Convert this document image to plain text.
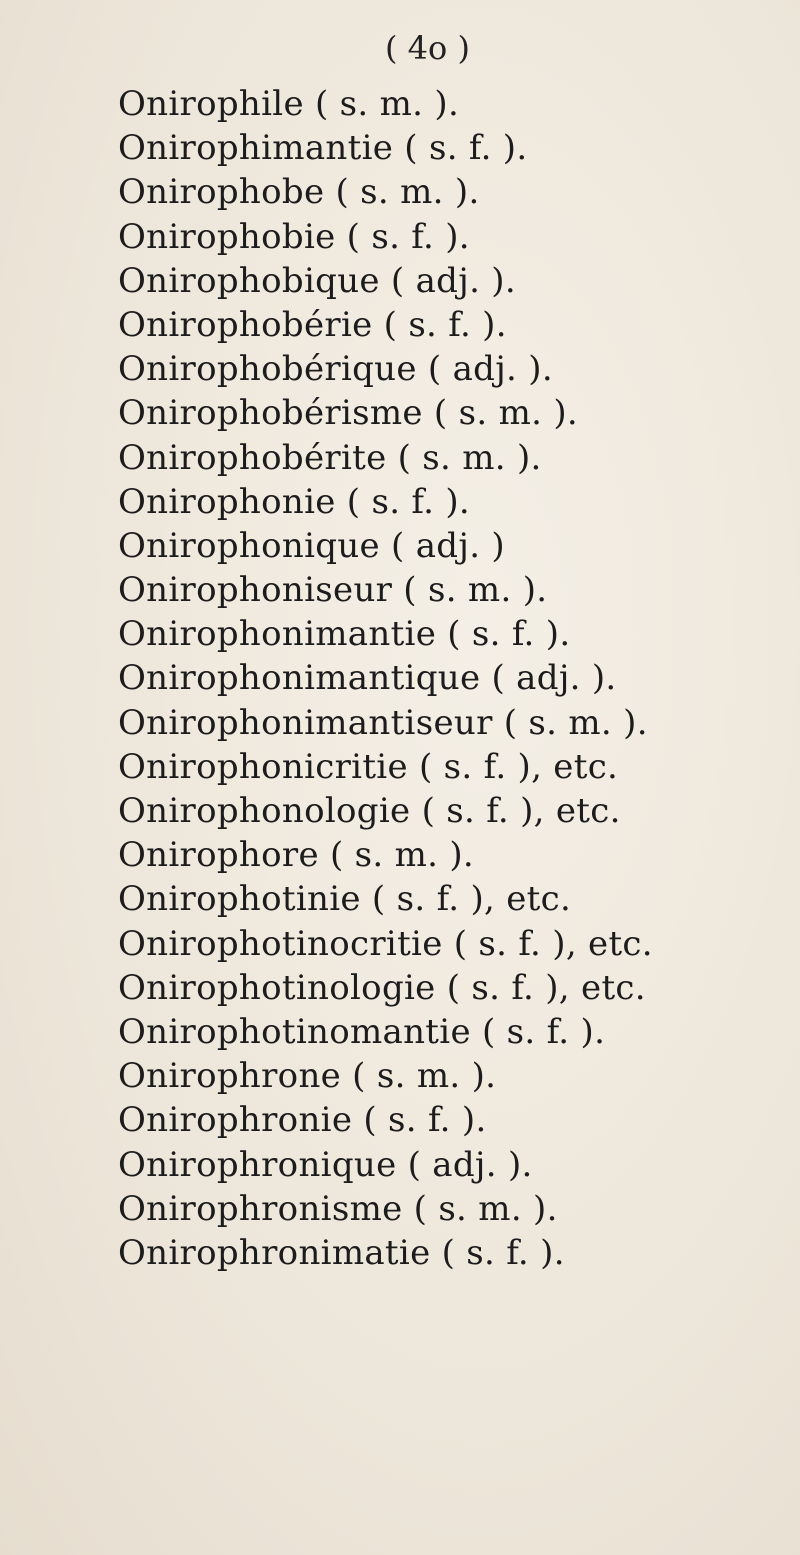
( 4o )
Onirophile ( s. m. ).
Onirophimantie ( s. f. ).
Onirophobe ( s. m. ).
Onirophobie ( s. f. ).
Onirophobique ( adj. ).
Onirophobérie ( s. f. ).
Onirophobérique ( adj. ).
Onirophobérisme ( s. m. ).
Onirophobérite ( s. m. ).
Onirophonie ( s. f. ).
Onirophonique ( adj. )
Onirophoniseur ( s. m. ).
Onirophonimantie ( s. f. ).
Onirophonimantique ( adj. ).
Onirophonimantiseur ( s. m. ).
Onirophonicritie ( s. f. ), etc.
Onirophonologie ( s. f. ), etc.
Onirophore ( s. m. ).
Onirophotinie ( s. f. ), etc.
Onirophotinocritie ( s. f. ), etc.
Onirophotinologie ( s. f. ), etc.
Onirophotinomantie ( s. f. ).
Onirophrone ( s. m. ).
Onirophronie ( s. f. ).
Onirophronique ( adj. ).
Onirophronisme ( s. m. ).
Onirophronimatie ( s. f. ).
